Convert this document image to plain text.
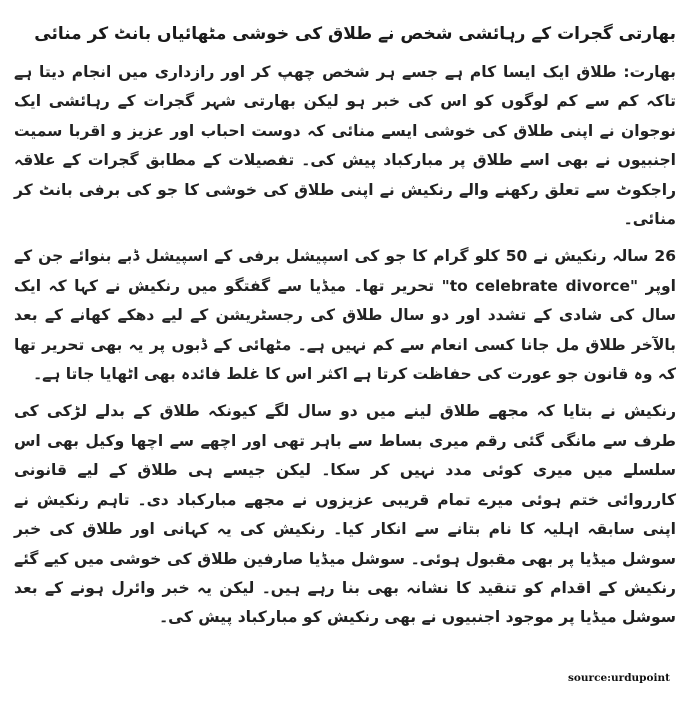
بھارتی گجرات کے رہائشی شخص نے طلاق کی خوشی مٹھائیاں بانٹ کر منائی

بھارت: طلاق ایک ایسا کام ہے جسے ہر شخص چھپ کر اور رازداری میں انجام دیتا ہے تاکہ کم سے کم لوگوں کو اس کی خبر ہو لیکن بھارتی شہر گجرات کے رہائشی ایک نوجوان نے اپنی طلاق کی خوشی ایسے منائی کہ دوست احباب اور عزیز و اقربا سمیت اجنبیوں نے بھی اسے طلاق پر مبارکباد پیش کی۔ تفصیلات کے مطابق گجرات کے علاقہ راجکوٹ سے تعلق رکھنے والے رنکیش نے اپنی طلاق کی خوشی کا جو کی برفی بانٹ کر منائی۔

26 سالہ رنکیش نے 50 کلو گرام کا جو کی اسپیشل برفی کے اسپیشل ڈبے بنوائے جن کے اوپر "to celebrate divorce" تحریر تھا۔ میڈیا سے گفتگو میں رنکیش نے کہا کہ ایک سال کی شادی کے تشدد اور دو سال طلاق کی رجسٹریشن کے لیے دھکے کھانے کے بعد بالآخر طلاق مل جانا کسی انعام سے کم نہیں ہے۔ مٹھائی کے ڈبوں پر یہ بھی تحریر تھا کہ وہ قانون جو عورت کی حفاظت کرتا ہے اکثر اس کا غلط فائدہ بھی اٹھایا جاتا ہے۔

رنکیش نے بتایا کہ مجھے طلاق لینے میں دو سال لگے کیونکہ طلاق کے بدلے لڑکی کی طرف سے مانگی گئی رقم میری بساط سے باہر تھی اور اچھے سے اچھا وکیل بھی اس سلسلے میں میری کوئی مدد نہیں کر سکا۔ لیکن جیسے ہی طلاق کے لیے قانونی کارروائی ختم ہوئی میرے تمام قریبی عزیزوں نے مجھے مبارکباد دی۔ تاہم رنکیش نے اپنی سابقہ اہلیہ کا نام بتانے سے انکار کیا۔ رنکیش کی یہ کہانی اور طلاق کی خبر سوشل میڈیا پر بھی مقبول ہوئی۔ سوشل میڈیا صارفین طلاق کی خوشی میں کیے گئے رنکیش کے اقدام کو تنقید کا نشانہ بھی بنا رہے ہیں۔ لیکن یہ خبر وائرل ہونے کے بعد سوشل میڈیا پر موجود اجنبیوں نے بھی رنکیش کو مبارکباد پیش کی۔

source:urdupoint
